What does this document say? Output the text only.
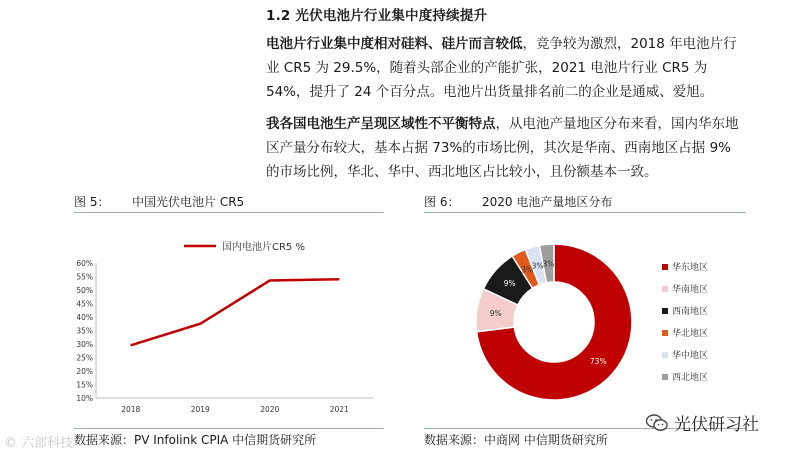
1.2 光伏电池片行业集中度持续提升

电池片行业集中度相对硅料、硅片而言较低，竞争较为激烈，2018 年电池片行业 CR5 为 29.5%，随着头部企业的产能扩张，2021 电池片行业 CR5 为 54%，提升了 24 个百分点。电池片出货量排名前二的企业是通威、爱旭。

我各国电池生产呈现区域性不平衡特点，从电池产量地区分布来看，国内华东地区产量分布较大，基本占据 73%的市场比例，其次是华南、西南地区占据 9%的市场比例，华北、华中、西北地区占比较小，且份额基本一致。

图 5： 中国光伏电池片 CR5
国内电池片CR5 %
10%
15%
20%
25%
30%
35%
40%
45%
50%
55%
60%
2018	2019	2020	2021
数据来源：PV Infolink CPIA 中信期货研究所
图 6： 2020 电池产量地区分布
73%
9%
9%
3%
3% 3%	华东地区
华南地区
西南地区
华北地区
华中地区
西北地区
数据来源：中商网 中信期货研究所
© 六部科技
光伏研习社
